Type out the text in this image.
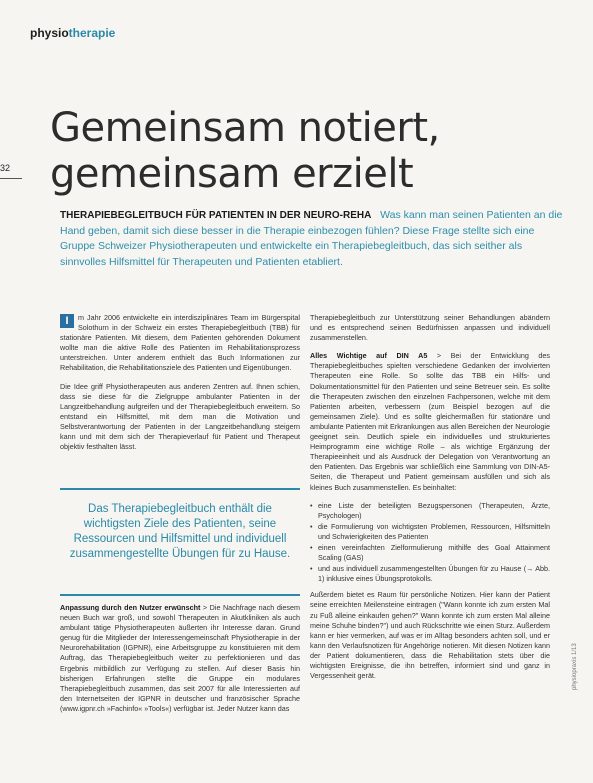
physiotherapie
32
Gemeinsam notiert,
gemeinsam erzielt
THERAPIEBEGLEITBUCH FÜR PATIENTEN IN DER NEURO-REHA Was kann man seinen Patienten an die Hand geben, damit sich diese besser in die Therapie einbezogen fühlen? Diese Frage stellte sich eine Gruppe Schweizer Physiotherapeuten und entwickelte ein Therapiebegleitbuch, das sich seither als sinnvolles Hilfsmittel für Therapeuten und Patienten etabliert.

I	m Jahr 2006 entwickelte ein interdisziplinäres Team im Bürgerspital Solothurn in der Schweiz ein erstes Therapiebegleitbuch (TBB) für stationäre Patienten. Mit diesem, dem Patienten gehörenden Dokument wollte man die aktive Rolle des Patienten im Rehabilitationsprozess unterstreichen. Unter anderem enthielt das Buch Informationen zur Rehabilitation, die Rehabilitationsziele des Patienten und Eigenübungen.

Die Idee griff Physiotherapeuten aus anderen Zentren auf. Ihnen schien, dass sie diese für die Zielgruppe ambulanter Patienten in der Langzeitbehandlung aufgreifen und der Therapiebegleitbuch erweitern. So entstand ein Hilfsmittel, mit dem man die Motivation und Selbstverantwortung der Patienten in der Langzeitbehandlung steigern kann und mit dem sich der Therapieverlauf für Patient und Therapeut objektiv festhalten lässt.

Das Therapiebegleitbuch enthält die wichtigsten Ziele des Patienten, seine Ressourcen und Hilfsmittel und individuell zusammengestellte Übungen für zu Hause.

Anpassung durch den Nutzer erwünscht > Die Nachfrage nach diesem neuen Buch war groß, und sowohl Therapeuten in Akutkliniken als auch ambulant tätige Physiotherapeuten äußerten ihr Interesse daran. Grund genug für die Mitglieder der Interessengemeinschaft Physiotherapie in der Neurorehabilitation (IGPNR), eine Arbeitsgruppe zu konstituieren mit dem Auftrag, das Therapiebegleitbuch weiter zu perfektionieren und das Ergebnis mitbildlich zur Verfügung zu stellen. Auf dieser Basis hin bisherigen Erfahrungen stellte die Gruppe ein modulares Therapiebegleitbuch zusammen, das seit 2007 für alle Interessierten auf den Internetseiten der IGPNR in deutscher und französischer Sprache (www.igpnr.ch »Fachinfo« »Tools«) verfügbar ist. Jeder Nutzer kann das

Therapiebegleitbuch zur Unterstützung seiner Behandlungen abändern und es entsprechend seinen Bedürfnissen anpassen und individuell zusammenstellen.

Alles Wichtige auf DIN A5 > Bei der Entwicklung des Therapiebegleitbuches spielten verschiedene Gedanken der involvierten Therapeuten eine Rolle. So sollte das TBB ein Hilfs- und Dokumentationsmittel für den Patienten und seine Betreuer sein. Es sollte die Therapeuten zwischen den einzelnen Fachpersonen, welche mit dem Patienten arbeiten, verbessern (zum Beispiel bezogen auf die gemeinsamen Ziele). Und es sollte gleichermaßen für stationäre und ambulante Patienten mit Erkrankungen aus allen Bereichen der Neurologie geeignet sein. Deutlich spiele ein individuelles und strukturiertes Heimprogramm eine wichtige Rolle – als wichtige Ergänzung der Therapieeinheit und als Ausdruck der Delegation von Verantwortung an den Patienten. Das Ergebnis war schließlich eine Sammlung von DIN-A5-Seiten, die Therapeut und Patient gemeinsam ausfüllen und sich als kleines Buch zusammenstellen. Es beinhaltet:

• eine Liste der beteiligten Bezugspersonen (Therapeuten, Ärzte, Psychologen)
• die Formulierung von wichtigsten Problemen, Ressourcen, Hilfsmitteln und Schwierigkeiten des Patienten
• einen vereinfachten Zielformulierung mithilfe des Goal Attainment Scaling (GAS)
• und aus individuell zusammengestellten Übungen für zu Hause (→ Abb. 1) inklusive eines Übungsprotokolls.

Außerdem bietet es Raum für persönliche Notizen. Hier kann der Patient seine erreichten Meilensteine eintragen ("Wann konnte ich zum ersten Mal zu Fuß alleine einkaufen gehen?" Wann konnte ich zum ersten Mal alleine meine Schuhe binden?") und auch Rückschritte wie einen Sturz. Außerdem kann er hier vermerken, auf was er im Alltag besonders achten soll, und er kann den Verlaufsnotizen für Angehörige notieren. Mit diesen Notizen kann der Patient dokumentieren, dass die Rehabilitation stets über die wichtigsten Ereignisse, die ihn betreffen, informiert sind und ganz in Vergessenheit gerät.	physiopraxis 1/13
